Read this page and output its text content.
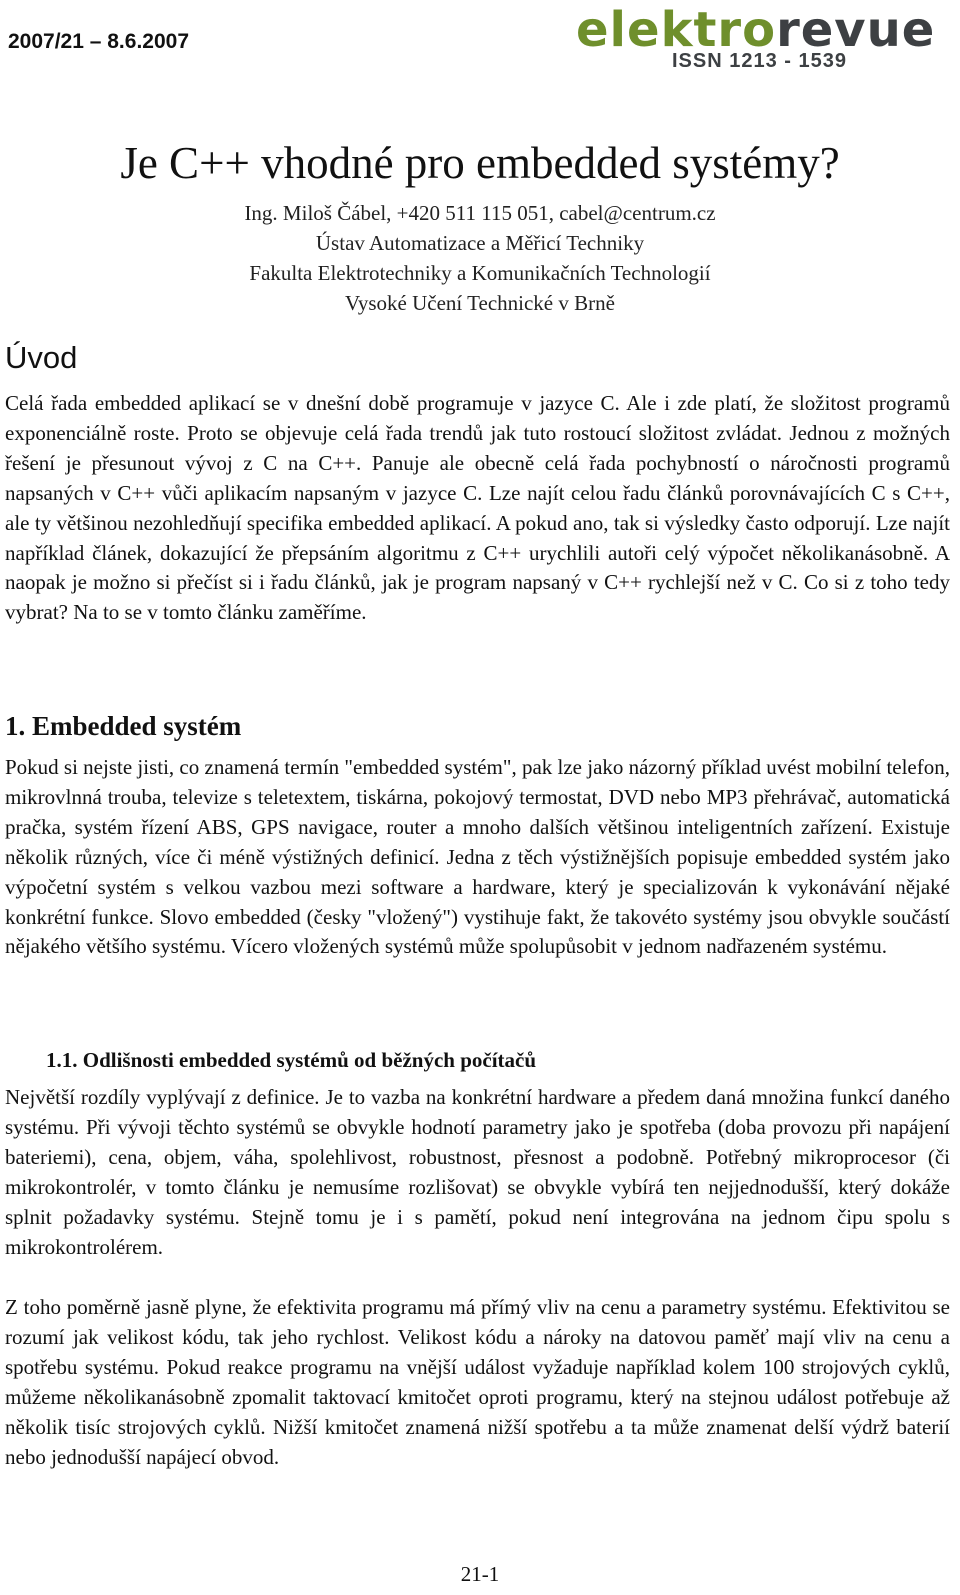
2007/21 – 8.6.2007	elektrorevue
ISSN 1213 - 1539
Je C++ vhodné pro embedded systémy?
Ing. Miloš Čábel, +420 511 115 051, cabel@centrum.cz
Ústav Automatizace a Měřicí Techniky
Fakulta Elektrotechniky a Komunikačních Technologií
Vysoké Učení Technické v Brně
Úvod

Celá řada embedded aplikací se v dnešní době programuje v jazyce C. Ale i zde platí, že složitost programů exponenciálně roste. Proto se objevuje celá řada trendů jak tuto rostoucí složitost zvládat. Jednou z možných řešení je přesunout vývoj z C na C++. Panuje ale obecně celá řada pochybností o náročnosti programů napsaných v C++ vůči aplikacím napsaným v jazyce C. Lze najít celou řadu článků porovnávajících C s C++, ale ty většinou nezohledňují specifika embedded aplikací. A pokud ano, tak si výsledky často odporují. Lze najít například článek, dokazující že přepsáním algoritmu z C++ urychlili autoři celý výpočet několikanásobně. A naopak je možno si přečíst si i řadu článků, jak je program napsaný v C++ rychlejší než v C. Co si z toho tedy vybrat? Na to se v tomto článku zaměříme.

1. Embedded systém

Pokud si nejste jisti, co znamená termín "embedded systém", pak lze jako názorný příklad uvést mobilní telefon, mikrovlnná trouba, televize s teletextem, tiskárna, pokojový termostat, DVD nebo MP3 přehrávač, automatická pračka, systém řízení ABS, GPS navigace, router a mnoho dalších většinou inteligentních zařízení. Existuje několik různých, více či méně výstižných definicí. Jedna z těch výstižnějších popisuje embedded systém jako výpočetní systém s velkou vazbou mezi software a hardware, který je specializován k vykonávání nějaké konkrétní funkce. Slovo embedded (česky "vložený") vystihuje fakt, že takovéto systémy jsou obvykle součástí nějakého většího systému. Vícero vložených systémů může spolupůsobit v jednom nadřazeném systému.

1.1. Odlišnosti embedded systémů od běžných počítačů

Největší rozdíly vyplývají z definice. Je to vazba na konkrétní hardware a předem daná množina funkcí daného systému. Při vývoji těchto systémů se obvykle hodnotí parametry jako je spotřeba (doba provozu při napájení bateriemi), cena, objem, váha, spolehlivost, robustnost, přesnost a podobně. Potřebný mikroprocesor (či mikrokontrolér, v tomto článku je nemusíme rozlišovat) se obvykle vybírá ten nejjednodušší, který dokáže splnit požadavky systému. Stejně tomu je i s pamětí, pokud není integrována na jednom čipu spolu s mikrokontrolérem.

Z toho poměrně jasně plyne, že efektivita programu má přímý vliv na cenu a parametry systému. Efektivitou se rozumí jak velikost kódu, tak jeho rychlost. Velikost kódu a nároky na datovou paměť mají vliv na cenu a spotřebu systému. Pokud reakce programu na vnější událost vyžaduje například kolem 100 strojových cyklů, můžeme několikanásobně zpomalit taktovací kmitočet oproti programu, který na stejnou událost potřebuje až několik tisíc strojových cyklů. Nižší kmitočet znamená nižší spotřebu a ta může znamenat delší výdrž baterií nebo jednodušší napájecí obvod.

21-1
